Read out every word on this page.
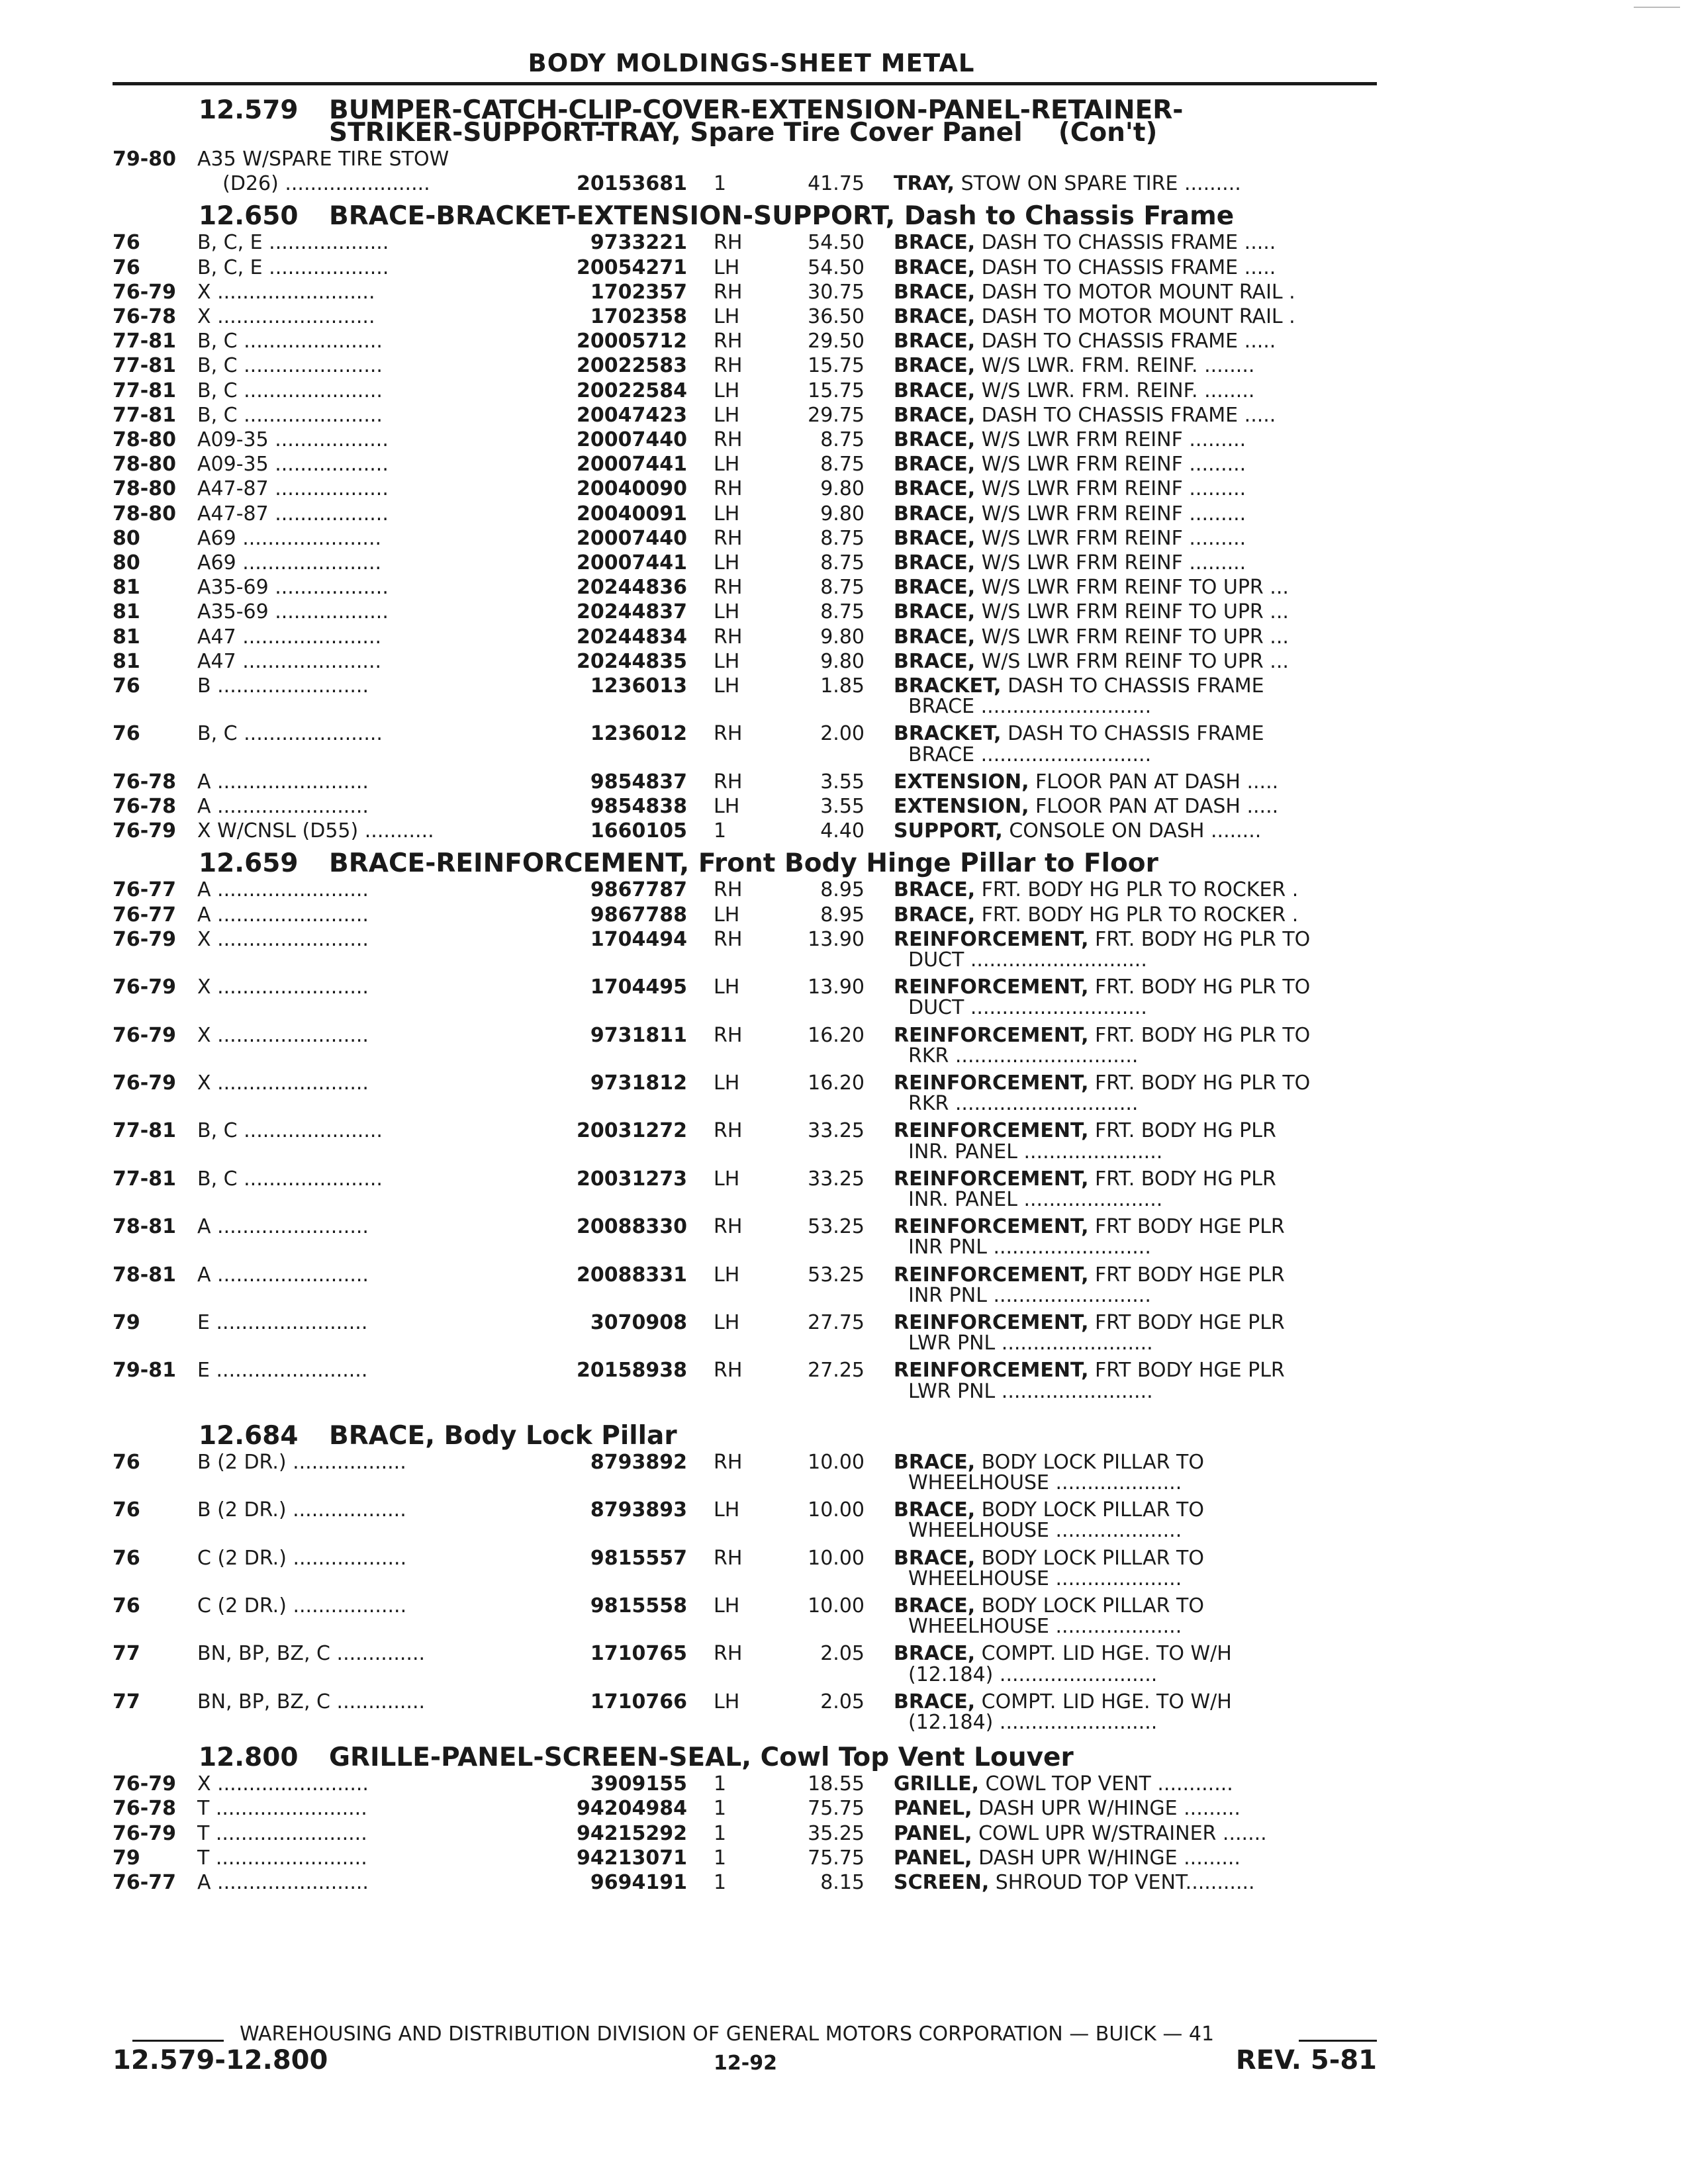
BODY MOLDINGS-SHEET METAL
12.579 BUMPER-CATCH-CLIP-COVER-EXTENSION-PANEL-RETAINER-
STRIKER-SUPPORT-TRAY, Spare Tire Cover Panel    (Con't)
79-80 A35 W/SPARE TIRE STOW
(D26) .......................	20153681 1	41.75 TRAY, STOW ON SPARE TIRE .........
12.650 BRACE-BRACKET-EXTENSION-SUPPORT, Dash to Chassis Frame
76	B, C, E ...................	9733221 RH	54.50 BRACE, DASH TO CHASSIS FRAME .....
76	B, C, E ...................	20054271 LH	54.50 BRACE, DASH TO CHASSIS FRAME .....
76-79 X .........................	1702357 RH	30.75 BRACE, DASH TO MOTOR MOUNT RAIL .
76-78 X .........................	1702358 LH	36.50 BRACE, DASH TO MOTOR MOUNT RAIL .
77-81 B, C ......................	20005712 RH	29.50 BRACE, DASH TO CHASSIS FRAME .....
77-81 B, C ......................	20022583 RH	15.75 BRACE, W/S LWR. FRM. REINF. ........
77-81 B, C ......................	20022584 LH	15.75 BRACE, W/S LWR. FRM. REINF. ........
77-81 B, C ......................	20047423 LH	29.75 BRACE, DASH TO CHASSIS FRAME .....
78-80 A09-35 ..................	20007440 RH	8.75 BRACE, W/S LWR FRM REINF .........
78-80 A09-35 ..................	20007441 LH	8.75 BRACE, W/S LWR FRM REINF .........
78-80 A47-87 ..................	20040090 RH	9.80 BRACE, W/S LWR FRM REINF .........
78-80 A47-87 ..................	20040091 LH	9.80 BRACE, W/S LWR FRM REINF .........
80	A69 ......................	20007440 RH	8.75 BRACE, W/S LWR FRM REINF .........
80	A69 ......................	20007441 LH	8.75 BRACE, W/S LWR FRM REINF .........
81	A35-69 ..................	20244836 RH	8.75 BRACE, W/S LWR FRM REINF TO UPR ...
81	A35-69 ..................	20244837 LH	8.75 BRACE, W/S LWR FRM REINF TO UPR ...
81	A47 ......................	20244834 RH	9.80 BRACE, W/S LWR FRM REINF TO UPR ...
81	A47 ......................	20244835 LH	9.80 BRACE, W/S LWR FRM REINF TO UPR ...
76	B ........................	1236013 LH	1.85 BRACKET, DASH TO CHASSIS FRAME
BRACE ...........................
76	B, C ......................	1236012 RH	2.00 BRACKET, DASH TO CHASSIS FRAME
BRACE ...........................
76-78 A ........................	9854837 RH	3.55 EXTENSION, FLOOR PAN AT DASH .....
76-78 A ........................	9854838 LH	3.55 EXTENSION, FLOOR PAN AT DASH .....
76-79 X W/CNSL (D55) ...........	1660105 1	4.40 SUPPORT, CONSOLE ON DASH ........
12.659 BRACE-REINFORCEMENT, Front Body Hinge Pillar to Floor
76-77 A ........................	9867787 RH	8.95 BRACE, FRT. BODY HG PLR TO ROCKER .
76-77 A ........................	9867788 LH	8.95 BRACE, FRT. BODY HG PLR TO ROCKER .
76-79 X ........................	1704494 RH	13.90 REINFORCEMENT, FRT. BODY HG PLR TO
DUCT ............................
76-79 X ........................	1704495 LH	13.90 REINFORCEMENT, FRT. BODY HG PLR TO
DUCT ............................
76-79 X ........................	9731811 RH	16.20 REINFORCEMENT, FRT. BODY HG PLR TO
RKR .............................
76-79 X ........................	9731812 LH	16.20 REINFORCEMENT, FRT. BODY HG PLR TO
RKR .............................
77-81 B, C ......................	20031272 RH	33.25 REINFORCEMENT, FRT. BODY HG PLR
INR. PANEL ......................
77-81 B, C ......................	20031273 LH	33.25 REINFORCEMENT, FRT. BODY HG PLR
INR. PANEL ......................
78-81 A ........................	20088330 RH	53.25 REINFORCEMENT, FRT BODY HGE PLR
INR PNL .........................
78-81 A ........................	20088331 LH	53.25 REINFORCEMENT, FRT BODY HGE PLR
INR PNL .........................
79	E ........................	3070908 LH	27.75 REINFORCEMENT, FRT BODY HGE PLR
LWR PNL ........................
79-81 E ........................	20158938 RH	27.25 REINFORCEMENT, FRT BODY HGE PLR
LWR PNL ........................
12.684 BRACE, Body Lock Pillar
76	B (2 DR.) ..................	8793892 RH	10.00 BRACE, BODY LOCK PILLAR TO
WHEELHOUSE ....................
76	B (2 DR.) ..................	8793893 LH	10.00 BRACE, BODY LOCK PILLAR TO
WHEELHOUSE ....................
76	C (2 DR.) ..................	9815557 RH	10.00 BRACE, BODY LOCK PILLAR TO
WHEELHOUSE ....................
76	C (2 DR.) ..................	9815558 LH	10.00 BRACE, BODY LOCK PILLAR TO
WHEELHOUSE ....................
77	BN, BP, BZ, C ..............	1710765 RH	2.05 BRACE, COMPT. LID HGE. TO W/H
(12.184) .........................
77	BN, BP, BZ, C ..............	1710766 LH	2.05 BRACE, COMPT. LID HGE. TO W/H
(12.184) .........................
12.800 GRILLE-PANEL-SCREEN-SEAL, Cowl Top Vent Louver
76-79 X ........................	3909155 1	18.55 GRILLE, COWL TOP VENT ............
76-78 T ........................	94204984 1	75.75 PANEL, DASH UPR W/HINGE .........
76-79 T ........................	94215292 1	35.25 PANEL, COWL UPR W/STRAINER .......
79	T ........................	94213071 1	75.75 PANEL, DASH UPR W/HINGE .........
76-77 A ........................	9694191 1	8.15 SCREEN, SHROUD TOP VENT...........
WAREHOUSING AND DISTRIBUTION DIVISION OF GENERAL MOTORS CORPORATION — BUICK — 41
12.579-12.800	12-92	REV. 5-81
